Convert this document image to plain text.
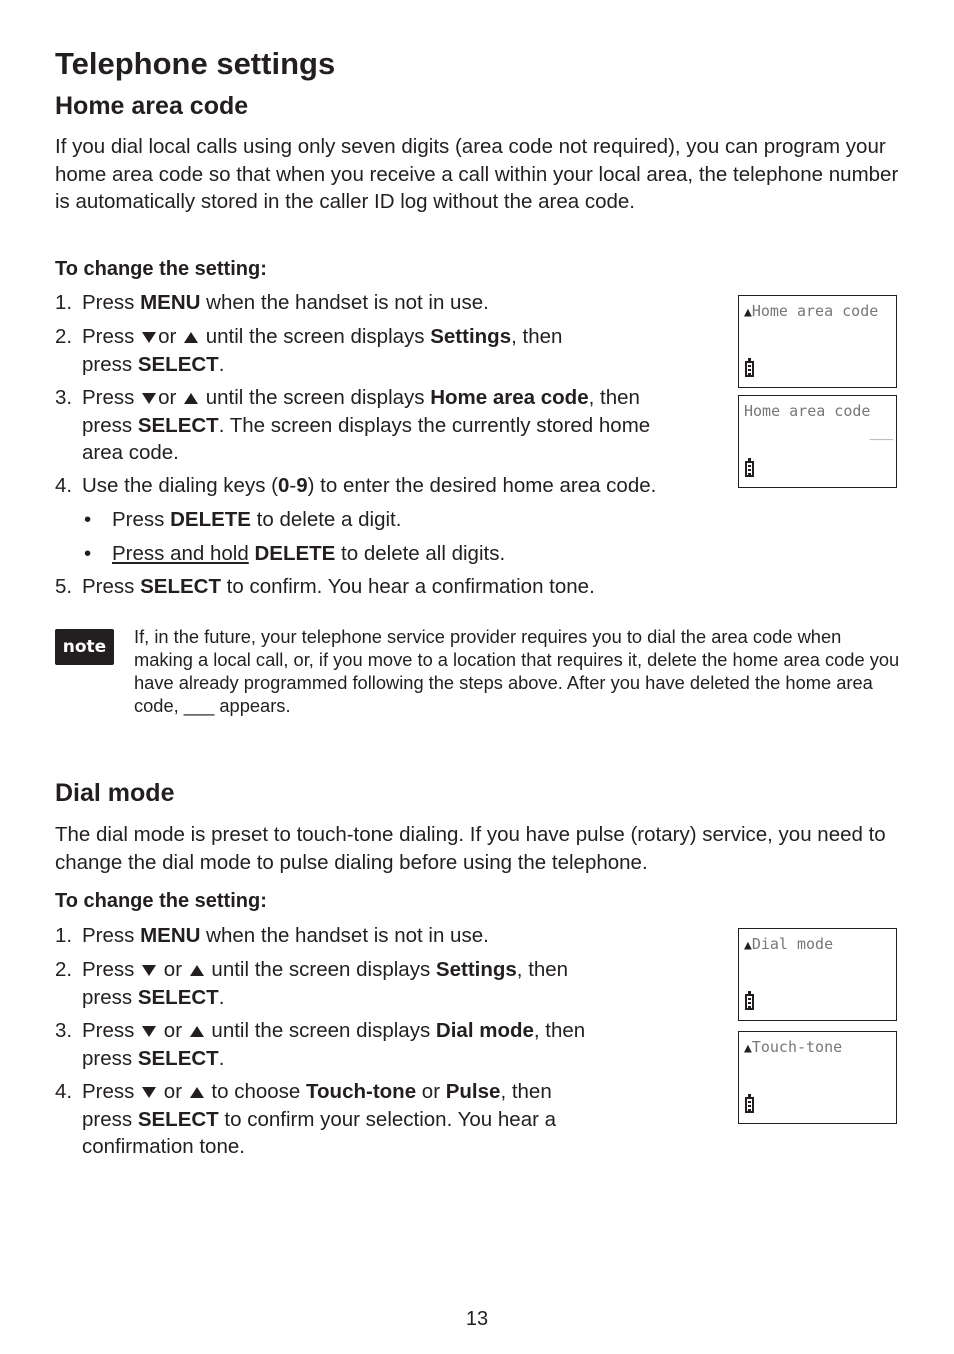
Telephone settings
Home area code

If you dial local calls using only seven digits (area code not required), you can program your home area code so that when you receive a call within your local area, the telephone number is automatically stored in the caller ID log without the area code.

To change the setting:

1. Press MENU when the handset is not in use.
2. Press or  until the screen displays Settings, then
press SELECT.
3. Press or  until the screen displays Home area code, then
press SELECT. The screen displays the currently stored home
area code.
4. Use the dialing keys (0-9) to enter the desired home area code.
• Press DELETE to delete a digit.
• Press and hold DELETE to delete all digits.
5. Press SELECT to confirm. You hear a confirmation tone.
▲Home area code
Home area code
___
note	If, in the future, your telephone service provider requires you to dial the area code when making a local call, or, if you move to a location that requires it, delete the home area code you have already programmed following the steps above. After you have deleted the home area code, ___ appears.

Dial mode

The dial mode is preset to touch-tone dialing. If you have pulse (rotary) service, you need to change the dial mode to pulse dialing before using the telephone.

To change the setting:

1. Press MENU when the handset is not in use.
2. Press  or  until the screen displays Settings, then
press SELECT.
3. Press  or  until the screen displays Dial mode, then
press SELECT.
4. Press  or  to choose Touch-tone or Pulse, then
press SELECT to confirm your selection. You hear a
confirmation tone.
▲Dial mode
▲Touch-tone
13
